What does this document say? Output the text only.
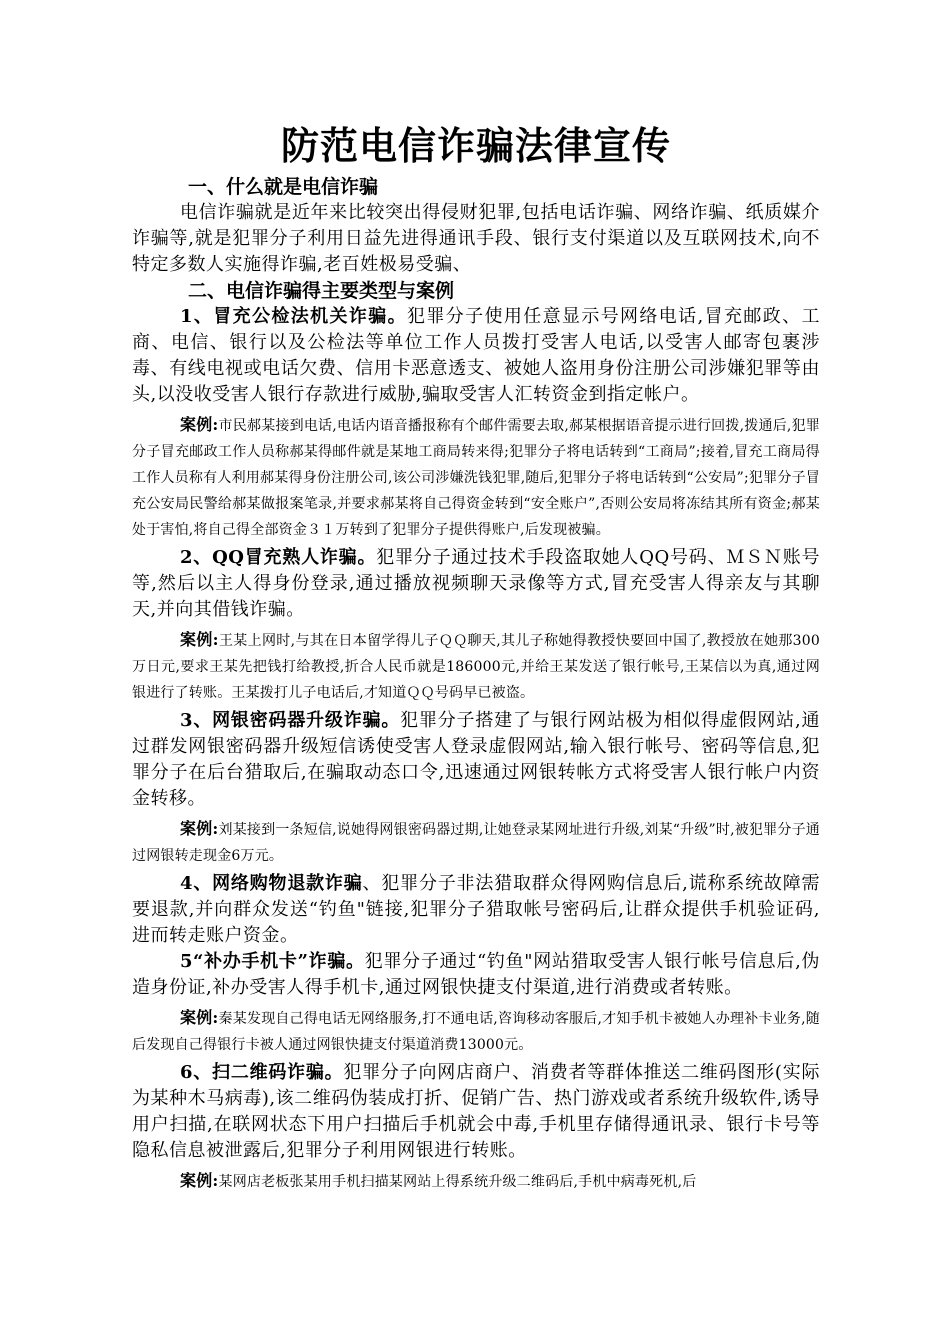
防范电信诈骗法律宣传
一、什么就是电信诈骗

电信诈骗就是近年来比较突出得侵财犯罪,包括电话诈骗、网络诈骗、纸质媒介诈骗等,就是犯罪分子利用日益先进得通讯手段、银行支付渠道以及互联网技术,向不特定多数人实施得诈骗,老百姓极易受骗、

二、电信诈骗得主要类型与案例

1、冒充公检法机关诈骗。犯罪分子使用任意显示号网络电话,冒充邮政、工商、电信、银行以及公检法等单位工作人员拨打受害人电话,以受害人邮寄包裹涉毒、有线电视或电话欠费、信用卡恶意透支、被她人盗用身份注册公司涉嫌犯罪等由头,以没收受害人银行存款进行威胁,骗取受害人汇转资金到指定帐户。

案例:市民郝某接到电话,电话内语音播报称有个邮件需要去取,郝某根据语音提示进行回拨,拨通后,犯罪分子冒充邮政工作人员称郝某得邮件就是某地工商局转来得;犯罪分子将电话转到“工商局”;接着,冒充工商局得工作人员称有人利用郝某得身份注册公司,该公司涉嫌洗钱犯罪,随后,犯罪分子将电话转到“公安局”;犯罪分子冒充公安局民警给郝某做报案笔录,并要求郝某将自己得资金转到“安全账户”,否则公安局将冻结其所有资金;郝某处于害怕,将自己得全部资金３１万转到了犯罪分子提供得账户,后发现被骗。

2、QQ冒充熟人诈骗。犯罪分子通过技术手段盗取她人QQ号码、ＭＳＮ账号等,然后以主人得身份登录,通过播放视频聊天录像等方式,冒充受害人得亲友与其聊天,并向其借钱诈骗。

案例:王某上网时,与其在日本留学得儿子ＱＱ聊天,其儿子称她得教授快要回中国了,教授放在她那300万日元,要求王某先把钱打给教授,折合人民币就是186000元,并给王某发送了银行帐号,王某信以为真,通过网银进行了转账。王某拨打儿子电话后,才知道ＱＱ号码早已被盗。

3、网银密码器升级诈骗。犯罪分子搭建了与银行网站极为相似得虚假网站,通过群发网银密码器升级短信诱使受害人登录虚假网站,输入银行帐号、密码等信息,犯罪分子在后台猎取后,在骗取动态口令,迅速通过网银转帐方式将受害人银行帐户内资金转移。

案例:刘某接到一条短信,说她得网银密码器过期,让她登录某网址进行升级,刘某“升级”时,被犯罪分子通过网银转走现金6万元。

4、网络购物退款诈骗、犯罪分子非法猎取群众得网购信息后,谎称系统故障需要退款,并向群众发送“钓鱼"链接,犯罪分子猎取帐号密码后,让群众提供手机验证码,进而转走账户资金。

5“补办手机卡”诈骗。犯罪分子通过“钓鱼"网站猎取受害人银行帐号信息后,伪造身份证,补办受害人得手机卡,通过网银快捷支付渠道,进行消费或者转账。

案例:秦某发现自己得电话无网络服务,打不通电话,咨询移动客服后,才知手机卡被她人办理补卡业务,随后发现自己得银行卡被人通过网银快捷支付渠道消费13000元。

6、扫二维码诈骗。犯罪分子向网店商户、消费者等群体推送二维码图形(实际为某种木马病毒),该二维码伪装成打折、促销广告、热门游戏或者系统升级软件,诱导用户扫描,在联网状态下用户扫描后手机就会中毒,手机里存储得通讯录、银行卡号等隐私信息被泄露后,犯罪分子利用网银进行转账。

案例:某网店老板张某用手机扫描某网站上得系统升级二维码后,手机中病毒死机,后
